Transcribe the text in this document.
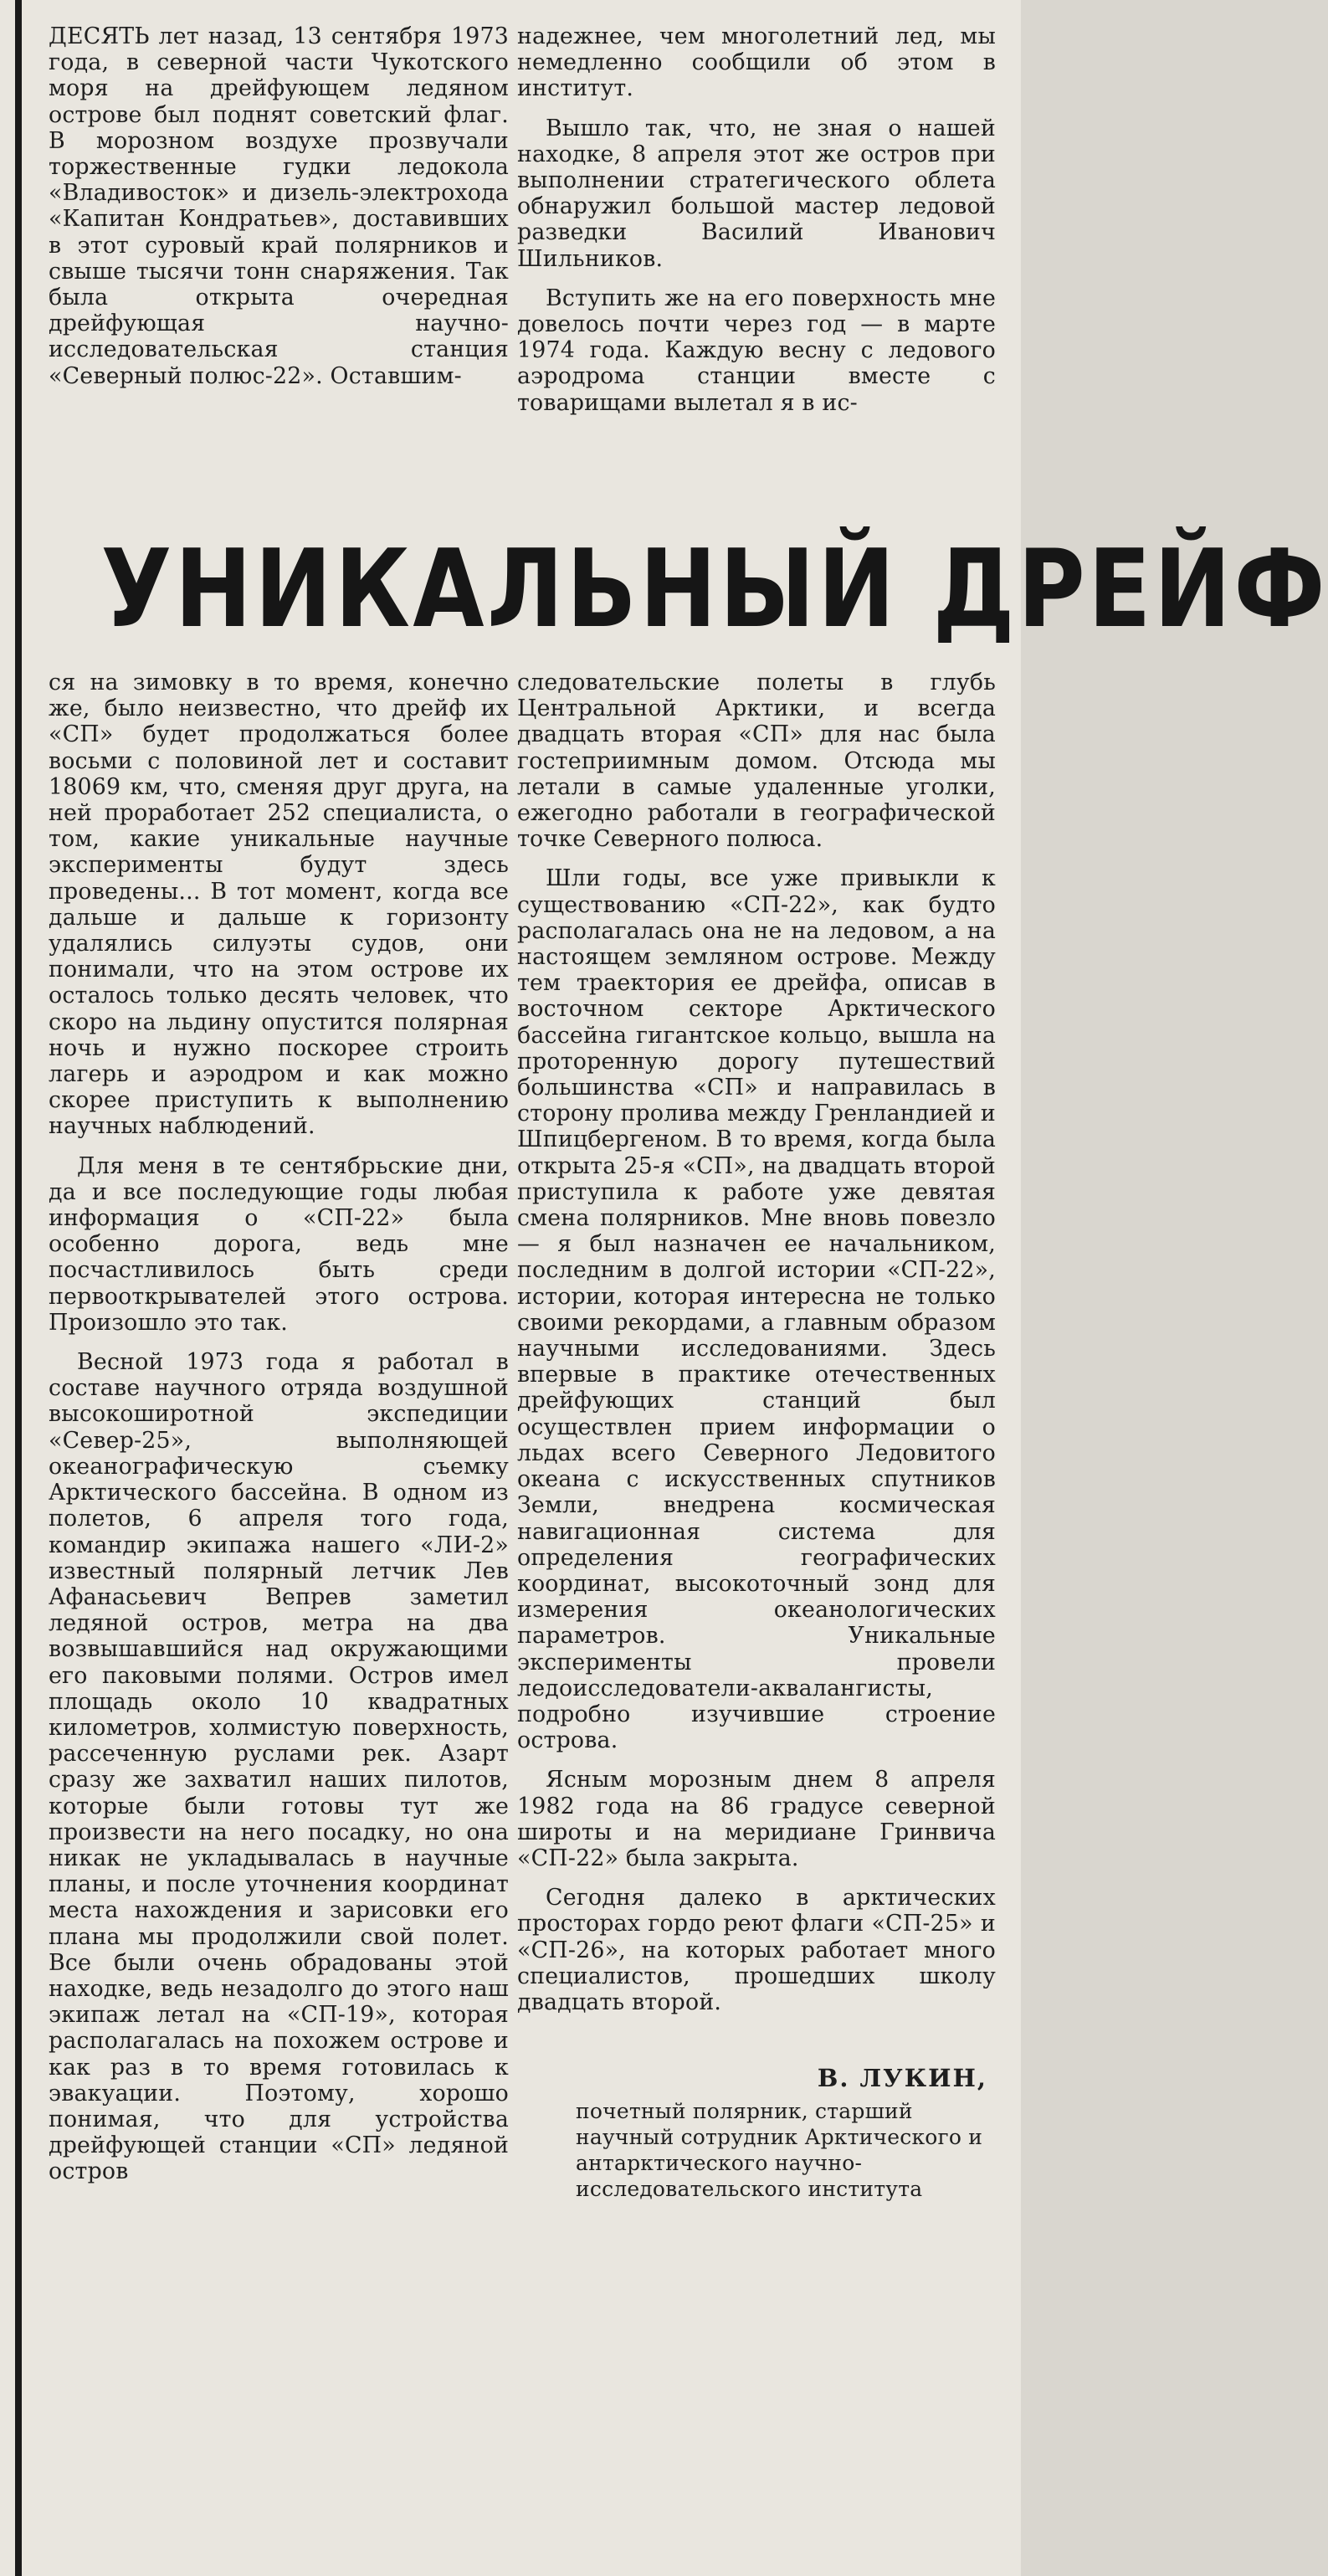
ДЕСЯТЬ лет назад, 13 сентября 1973 года, в северной части Чукотского моря на дрейфующем ледяном острове был поднят советский флаг. В морозном воздухе прозвучали торжественные гудки ледокола «Владивосток» и дизель-электрохода «Капитан Кондратьев», доставивших в этот суровый край полярников и свыше тысячи тонн снаряжения. Так была открыта очередная дрейфующая научно-исследовательская станция «Северный полюс-22». Оставшим-

надежнее, чем многолетний лед, мы немедленно сообщили об этом в институт.

Вышло так, что, не зная о нашей находке, 8 апреля этот же остров при выполнении стратегического облета обнаружил большой мастер ледовой разведки Василий Иванович Шильников.

Вступить же на его поверхность мне довелось почти через год — в марте 1974 года. Каждую весну с ледового аэродрома станции вместе с товарищами вылетал я в ис-

УНИКАЛЬНЫЙ ДРЕЙФ

ся на зимовку в то время, конечно же, было неизвестно, что дрейф их «СП» будет продолжаться более восьми с половиной лет и составит 18069 км, что, сменяя друг друга, на ней проработает 252 специалиста, о том, какие уникальные научные эксперименты будут здесь проведены... В тот момент, когда все дальше и дальше к горизонту удалялись силуэты судов, они понимали, что на этом острове их осталось только десять человек, что скоро на льдину опустится полярная ночь и нужно поскорее строить лагерь и аэродром и как можно скорее приступить к выполнению научных наблюдений.

Для меня в те сентябрьские дни, да и все последующие годы любая информация о «СП-22» была особенно дорога, ведь мне посчастливилось быть среди первооткрывателей этого острова. Произошло это так.

Весной 1973 года я работал в составе научного отряда воздушной высокоширотной экспедиции «Север-25», выполняющей океанографическую съемку Арктического бассейна. В одном из полетов, 6 апреля того года, командир экипажа нашего «ЛИ-2» известный полярный летчик Лев Афанасьевич Вепрев заметил ледяной остров, метра на два возвышавшийся над окружающими его паковыми полями. Остров имел площадь около 10 квадратных километров, холмистую поверхность, рассеченную руслами рек. Азарт сразу же захватил наших пилотов, которые были готовы тут же произвести на него посадку, но она никак не укладывалась в научные планы, и после уточнения координат места нахождения и зарисовки его плана мы продолжили свой полет. Все были очень обрадованы этой находке, ведь незадолго до этого наш экипаж летал на «СП-19», которая располагалась на похожем острове и как раз в то время готовилась к эвакуации. Поэтому, хорошо понимая, что для устройства дрейфующей станции «СП» ледяной остров

следовательские полеты в глубь Центральной Арктики, и всегда двадцать вторая «СП» для нас была гостеприимным домом. Отсюда мы летали в самые удаленные уголки, ежегодно работали в географической точке Северного полюса.

Шли годы, все уже привыкли к существованию «СП-22», как будто располагалась она не на ледовом, а на настоящем земляном острове. Между тем траектория ее дрейфа, описав в восточном секторе Арктического бассейна гигантское кольцо, вышла на проторенную дорогу путешествий большинства «СП» и направилась в сторону пролива между Гренландией и Шпицбергеном. В то время, когда была открыта 25-я «СП», на двадцать второй приступила к работе уже девятая смена полярников. Мне вновь повезло — я был назначен ее начальником, последним в долгой истории «СП-22», истории, которая интересна не только своими рекордами, а главным образом научными исследованиями. Здесь впервые в практике отечественных дрейфующих станций был осуществлен прием информации о льдах всего Северного Ледовитого океана с искусственных спутников Земли, внедрена космическая навигационная система для определения географических координат, высокоточный зонд для измерения океанологических параметров. Уникальные эксперименты провели ледоисследователи-аквалангисты, подробно изучившие строение острова.

Ясным морозным днем 8 апреля 1982 года на 86 градусе северной широты и на меридиане Гринвича «СП-22» была закрыта.

Сегодня далеко в арктических просторах гордо реют флаги «СП-25» и «СП-26», на которых работает много специалистов, прошедших школу двадцать второй.

В. ЛУКИН,

почетный полярник, старший научный сотрудник Арктического и антарктического научно-исследовательского института
